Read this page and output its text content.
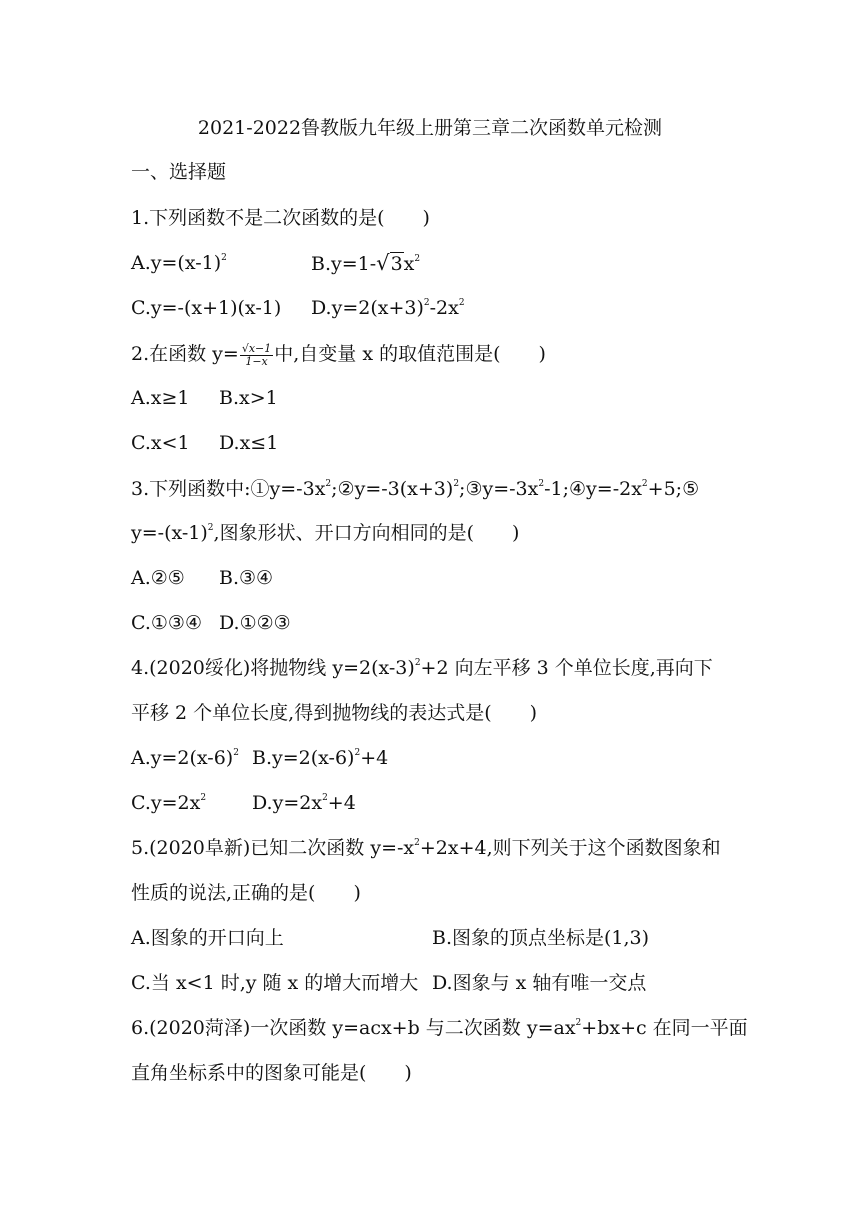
2021-2022鲁教版九年级上册第三章二次函数单元检测
一、选择题
1.下列函数不是二次函数的是(　　)
$A.y=(x-1)^2$	$B.y=1-√3x^2$
C.y=-(x+1)(x-1) $D.y=2(x+3)^2-2x^2$
2.在函数 $y= \frac{√x-1}{1-x}$ 中,自变量 x 的取值范围是(　　)
A.x≥1 B.x>1
C.x<1 D.x≤1
3.下列函数中$:①y=-3x^2;②y=-3(x+3)^2;③y=-3x^2-1;④y=-2x^2+5;⑤$
$y=-(x-1)^2$,图象形状、开口方向相同的是(　　)
A.②⑤ B.③④
C.①③④ D.①②③
4.(2020绥化)将抛物线 $y=2(x-3)^2+2$ 向左平移 3 个单位长度,再向下
平移 2 个单位长度,得到抛物线的表达式是(　　)
$A.y=2(x-6)^2$ $B.y=2(x-6)^2+4$
$C.y=2x^2$ $D.y=2x^2+4$
5.(2020阜新)已知二次函数 $y=-x^2+2x+4$,则下列关于这个函数图象和
性质的说法,正确的是(　　)
A.图象的开口向上	B.图象的顶点坐标是(1,3)
C.当 x<1 时,y 随 x 的增大而增大 D.图象与 x 轴有唯一交点
6.(2020菏泽)一次函数 y=acx+b 与二次函数 $y=ax^2+bx+c$ 在同一平面
直角坐标系中的图象可能是(　　)
